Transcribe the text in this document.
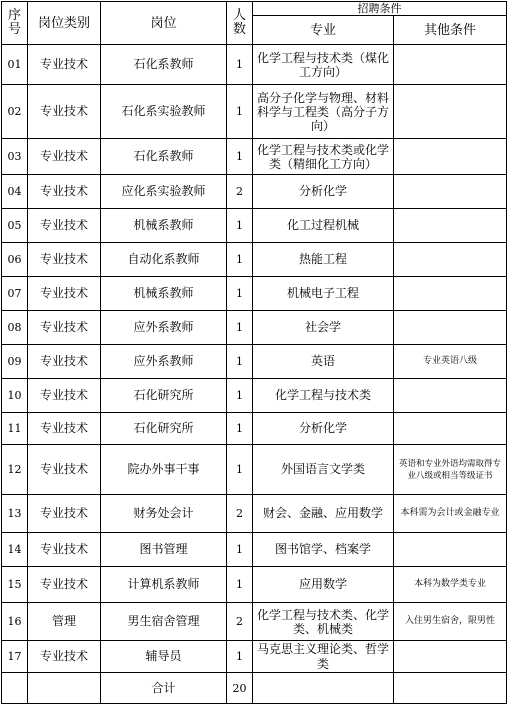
序号	岗位类别	岗位	人数	招聘条件	
				专业	其他条件
01	专业技术	石化系教师	1	化学工程与技术类（煤化工方向）	
02	专业技术	石化系实验教师	1	高分子化学与物理、材料科学与工程类（高分子方向）	
03	专业技术	石化系教师	1	化学工程与技术类或化学类（精细化工方向）	
04	专业技术	应化系实验教师	2	分析化学	
05	专业技术	机械系教师	1	化工过程机械	
06	专业技术	自动化系教师	1	热能工程	
07	专业技术	机械系教师	1	机械电子工程	
08	专业技术	应外系教师	1	社会学	
09	专业技术	应外系教师	1	英语	专业英语八级
10	专业技术	石化研究所	1	化学工程与技术类	
11	专业技术	石化研究所	1	分析化学	
12	专业技术	院办外事干事	1	外国语言文学类	英语和专业外语均需取得专业八级或相当等级证书
13	专业技术	财务处会计	2	财会、金融、应用数学	本科需为会计或金融专业
14	专业技术	图书管理	1	图书馆学、档案学	
15	专业技术	计算机系教师	1	应用数学	本科为数学类专业
16	管理	男生宿舍管理	2	化学工程与技术类、化学类、机械类	入住男生宿舍，限男性
17	专业技术	辅导员	1	马克思主义理论类、哲学类	
		合计	20		
